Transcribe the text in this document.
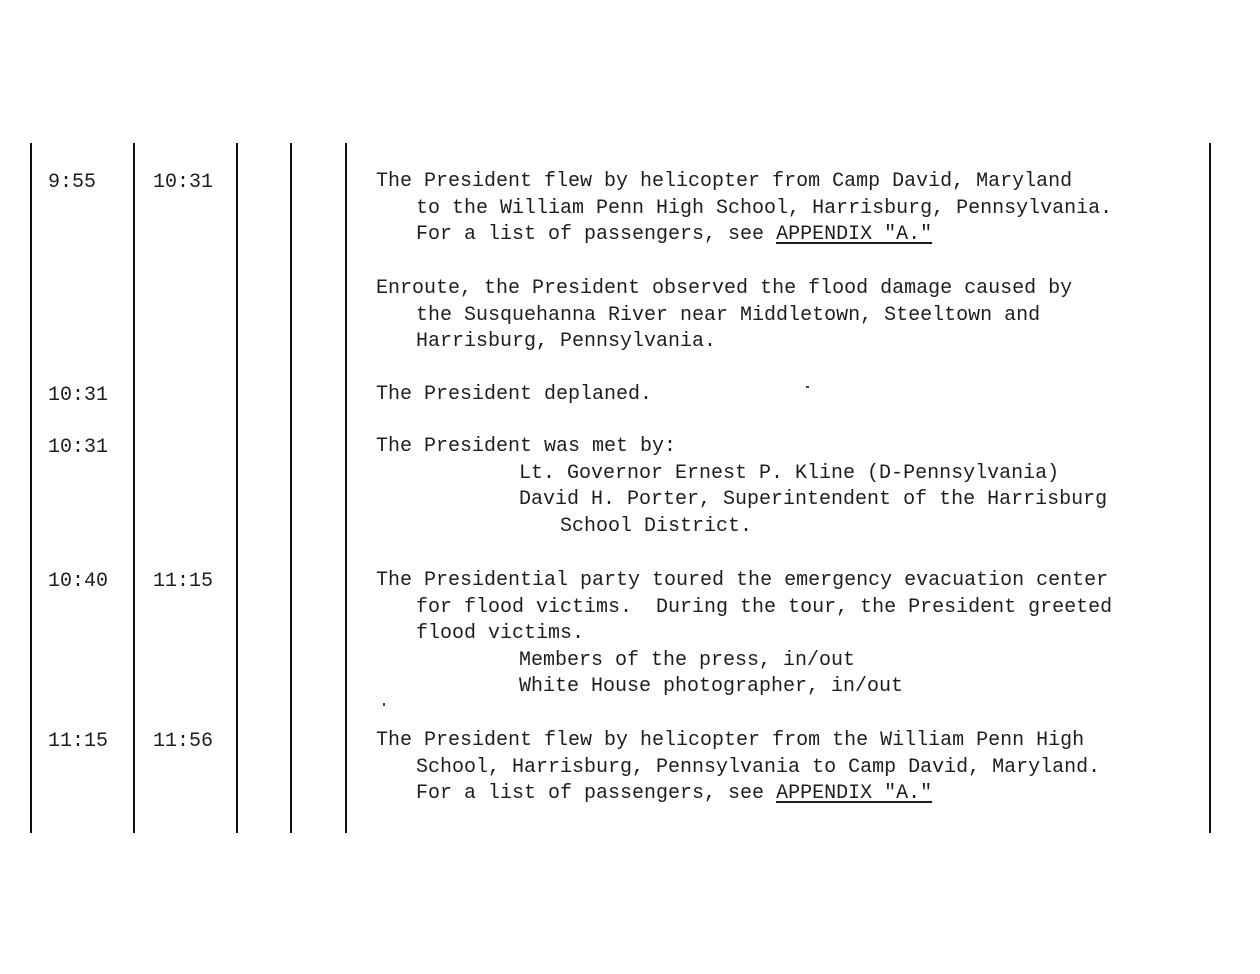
9:55	10:31	The President flew by helicopter from Camp David, Maryland
to the William Penn High School, Harrisburg, Pennsylvania.
For a list of passengers, see APPENDIX "A."
Enroute, the President observed the flood damage caused by
the Susquehanna River near Middletown, Steeltown and
Harrisburg, Pennsylvania.
10:31	The President deplaned.
10:31	The President was met by:
Lt. Governor Ernest P. Kline (D-Pennsylvania)
David H. Porter, Superintendent of the Harrisburg
School District.
10:40 11:15	The Presidential party toured the emergency evacuation center
for flood victims.  During the tour, the President greeted
flood victims.
Members of the press, in/out
White House photographer, in/out
11:15 11:56	The President flew by helicopter from the William Penn High
School, Harrisburg, Pennsylvania to Camp David, Maryland.
For a list of passengers, see APPENDIX "A."
